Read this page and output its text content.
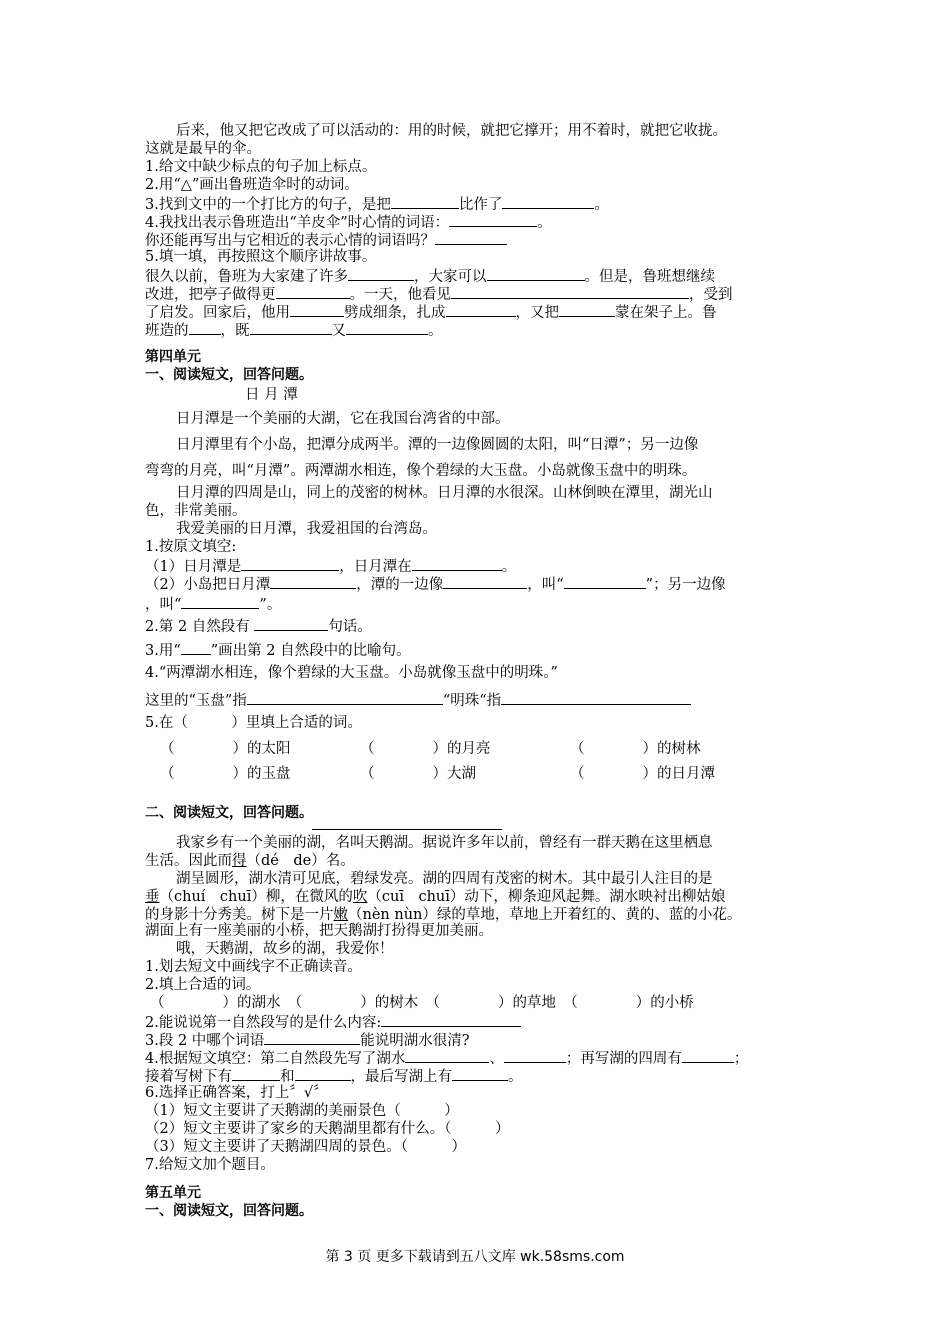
后来，他又把它改成了可以活动的：用的时候，就把它撑开；用不着时，就把它收拢。
这就是最早的伞。
1.给文中缺少标点的句子加上标点。
2.用“△”画出鲁班造伞时的动词。
3.找到文中的一个打比方的句子，是把	比作了	。
4.我找出表示鲁班造出“羊皮伞”时心情的词语：	。
你还能再写出与它相近的表示心情的词语吗？
5.填一填，再按照这个顺序讲故事。
很久以前，鲁班为大家建了许多	，大家可以	。但是，鲁班想继续
改进，把亭子做得更	。一天，他看见	，受到
了启发。回家后，他用	劈成细条，扎成	，又把	蒙在架子上。鲁
班造的 ，既	又	。
第四单元
一、阅读短文，回答问题。
日 月 潭
日月潭是一个美丽的大湖，它在我国台湾省的中部。
日月潭里有个小岛，把潭分成两半。潭的一边像圆圆的太阳，叫“日潭”；另一边像
弯弯的月亮，叫“月潭”。两潭湖水相连，像个碧绿的大玉盘。小岛就像玉盘中的明珠。
日月潭的四周是山，同上的茂密的树林。日月潭的水很深。山林倒映在潭里，湖光山
色，非常美丽。
我爱美丽的日月潭，我爱祖国的台湾岛。
1.按原文填空:
（1）日月潭是	，日月潭在	。
（2）小岛把日月潭	，潭的一边像	，叫“	”；另一边像
，叫“	”。
2.第 2 自然段有	句话。
3.用“ ”画出第 2 自然段中的比喻句。
4.“两潭湖水相连，像个碧绿的大玉盘。小岛就像玉盘中的明珠。”
这里的“玉盘”指	“明珠“指
5.在（　　　）里填上合适的词。
（　　　　）的太阳	（　　　　）的月亮	（　　　　）的树林
（　　　　）的玉盘	（　　　　）大湖	（　　　　）的日月潭
二、阅读短文，回答问题。
我家乡有一个美丽的湖，名叫天鹅湖。据说许多年以前，曾经有一群天鹅在这里栖息
生活。因此而得（dé　de）名。
湖呈圆形，湖水清可见底，碧绿发亮。湖的四周有茂密的树木。其中最引人注目的是
垂（chuí　chuī）柳，在微风的吹（cuī　chuī）动下，柳条迎风起舞。湖水映衬出柳姑娘
的身影十分秀美。树下是一片嫩（nèn nùn）绿的草地，草地上开着红的、黄的、蓝的小花。
湖面上有一座美丽的小桥，把天鹅湖打扮得更加美丽。
哦，天鹅湖，故乡的湖，我爱你！
1.划去短文中画线字不正确读音。
2.填上合适的词。
（　　　　）的湖水　（　　　　）的树木　（　　　　）的草地　（　　　　）的小桥
2.能说说第一自然段写的是什么内容:
3.段 2 中哪个词语	能说明湖水很清?
4.根据短文填空：第二自然段先写了湖水	、	；再写湖的四周有	；
接着写树下有	和	，最后写湖上有	。
6.选择正确答案，打上〞√〞
（1）短文主要讲了天鹅湖的美丽景色（　　　）
（2）短文主要讲了家乡的天鹅湖里都有什么。（　　　）
（3）短文主要讲了天鹅湖四周的景色。（　　　）
7.给短文加个题目。
第五单元
一、阅读短文，回答问题。
第 3 页 更多下载请到五八文库 wk.58sms.com
